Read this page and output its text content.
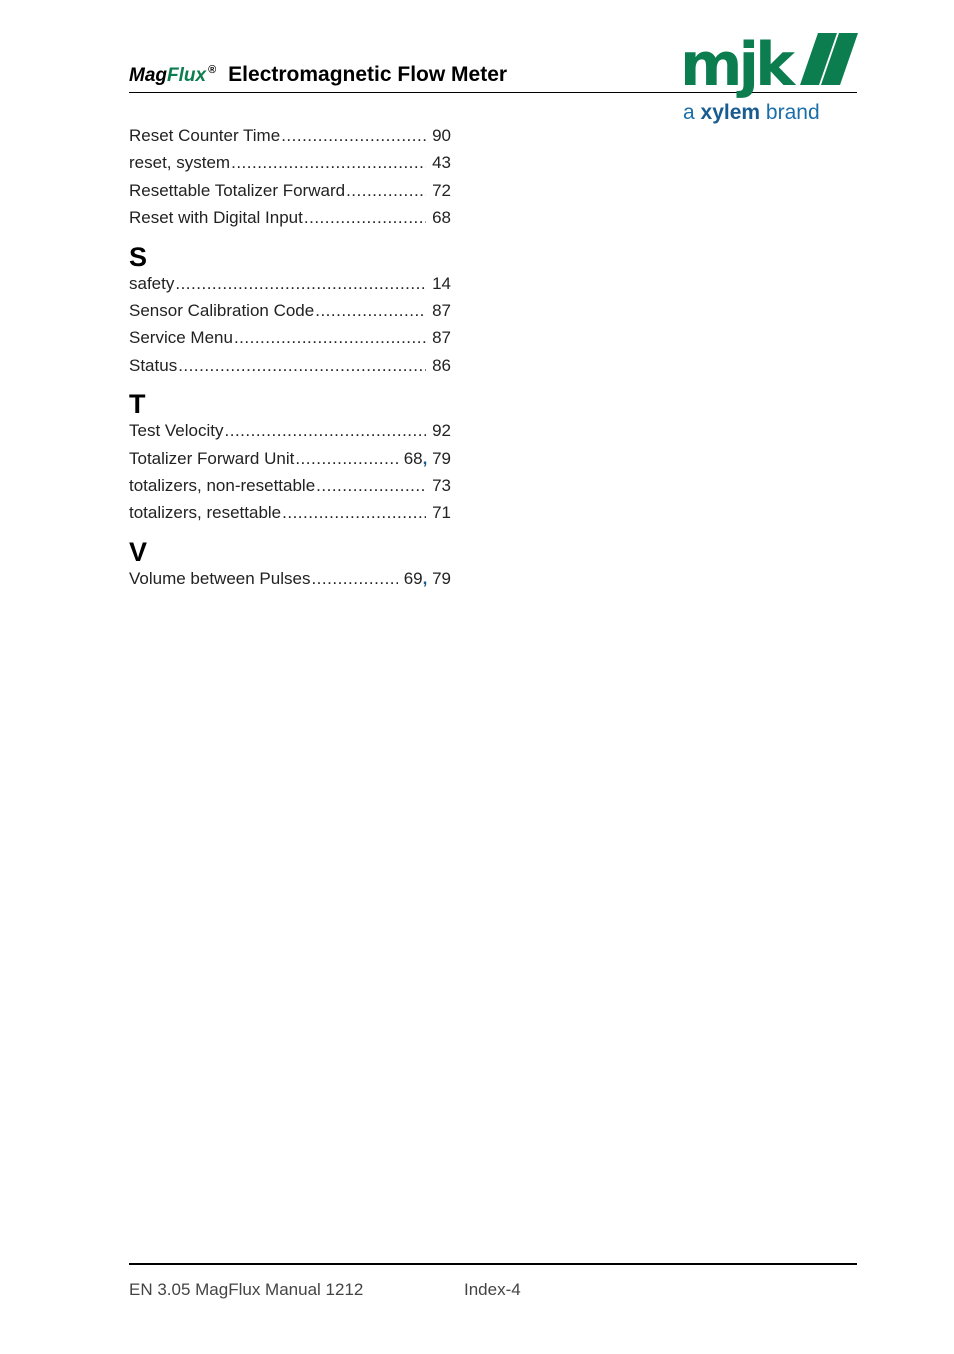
MagFlux ® Electromagnetic Flow Meter	mjk
a xylem brand
Reset Counter Time .....	90
reset, system .....	43
Resettable Totalizer Forward .....	72
Reset with Digital Input .....	68
S
safety .....	14
Sensor Calibration Code .....	87
Service Menu .....	87
Status .....	86
T
Test Velocity .....	92
Totalizer Forward Unit .....	68, 79
totalizers, non-resettable .....	73
totalizers, resettable .....	71
V
Volume between Pulses .....	69, 79
EN 3.05 MagFlux Manual 1212	Index-4
